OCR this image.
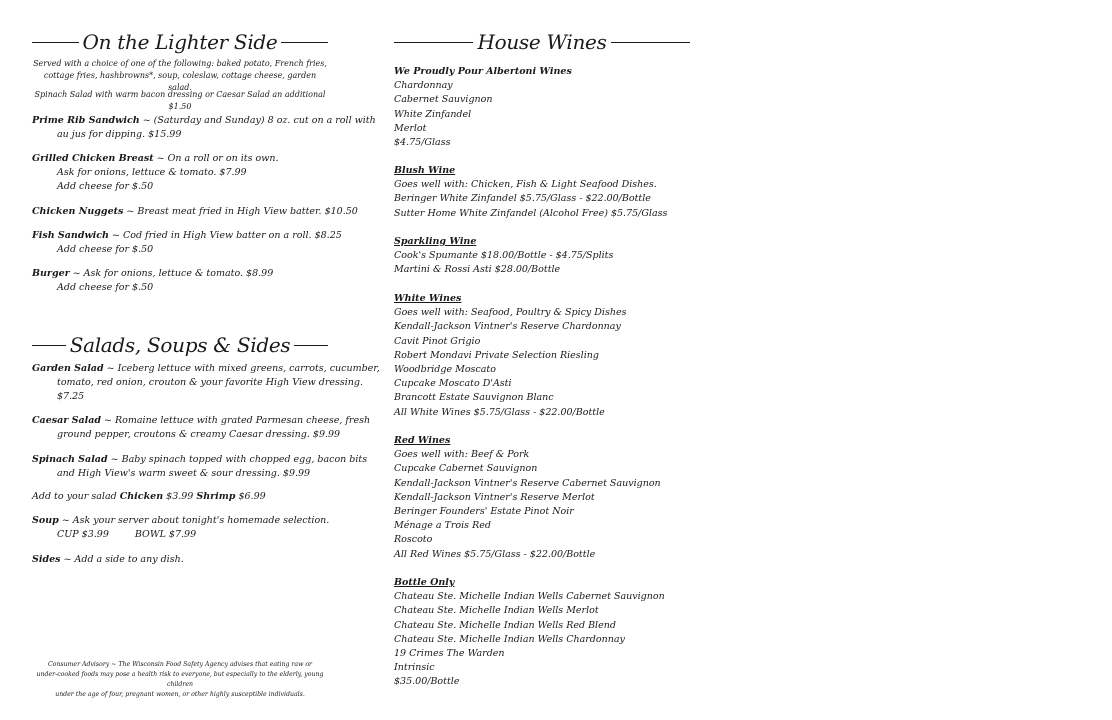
On the Lighter Side
Served with a choice of one of the following: baked potato, French fries,
cottage fries, hashbrowns*, soup, coleslaw, cottage cheese, garden salad.
Spinach Salad with warm bacon dressing or Caesar Salad an additional $1.50
Prime Rib Sandwich ~ (Saturday and Sunday) 8 oz. cut on a roll with
au jus for dipping. $15.99
Grilled Chicken Breast ~ On a roll or on its own.
Ask for onions, lettuce & tomato. $7.99
Add cheese for $.50
Chicken Nuggets ~ Breast meat fried in High View batter. $10.50
Fish Sandwich ~ Cod fried in High View batter on a roll. $8.25
Add cheese for $.50
Burger ~ Ask for onions, lettuce & tomato. $8.99
Add cheese for $.50
Salads, Soups & Sides
Garden Salad ~ Iceberg lettuce with mixed greens, carrots, cucumber,
tomato, red onion, crouton & your favorite High View dressing.
$7.25
Caesar Salad ~ Romaine lettuce with grated Parmesan cheese, fresh
ground pepper, croutons & creamy Caesar dressing. $9.99
Spinach Salad ~ Baby spinach topped with chopped egg, bacon bits
and High View's warm sweet & sour dressing. $9.99
Add to your salad Chicken $3.99 Shrimp $6.99
Soup ~ Ask your server about tonight's homemade selection.
CUP $3.99	BOWL $7.99
Sides ~ Add a side to any dish.
Consumer Advisory ~ The Wisconsin Food Safety Agency advises that eating raw or
under-cooked foods may pose a health risk to everyone, but especially to the elderly, young children
under the age of four, pregnant women, or other highly susceptible individuals.
House Wines
We Proudly Pour Albertoni Wines
Chardonnay
Cabernet Sauvignon
White Zinfandel
Merlot
$4.75/Glass
Blush Wine
Goes well with: Chicken, Fish & Light Seafood Dishes.
Beringer White Zinfandel $5.75/Glass - $22.00/Bottle
Sutter Home White Zinfandel (Alcohol Free) $5.75/Glass
Sparkling Wine
Cook's Spumante $18.00/Bottle - $4.75/Splits
Martini & Rossi Asti $28.00/Bottle
White Wines
Goes well with: Seafood, Poultry & Spicy Dishes
Kendall-Jackson Vintner's Reserve Chardonnay
Cavit Pinot Grigio
Robert Mondavi Private Selection Riesling
Woodbridge Moscato
Cupcake Moscato D'Asti
Brancott Estate Sauvignon Blanc
All White Wines $5.75/Glass - $22.00/Bottle
Red Wines
Goes well with: Beef & Pork
Cupcake Cabernet Sauvignon
Kendall-Jackson Vintner's Reserve Cabernet Sauvignon
Kendall-Jackson Vintner's Reserve Merlot
Beringer Founders' Estate Pinot Noir
Ménage a Trois Red
Roscoto
All Red Wines $5.75/Glass - $22.00/Bottle
Bottle Only
Chateau Ste. Michelle Indian Wells Cabernet Sauvignon
Chateau Ste. Michelle Indian Wells Merlot
Chateau Ste. Michelle Indian Wells Red Blend
Chateau Ste. Michelle Indian Wells Chardonnay
19 Crimes The Warden
Intrinsic
$35.00/Bottle
